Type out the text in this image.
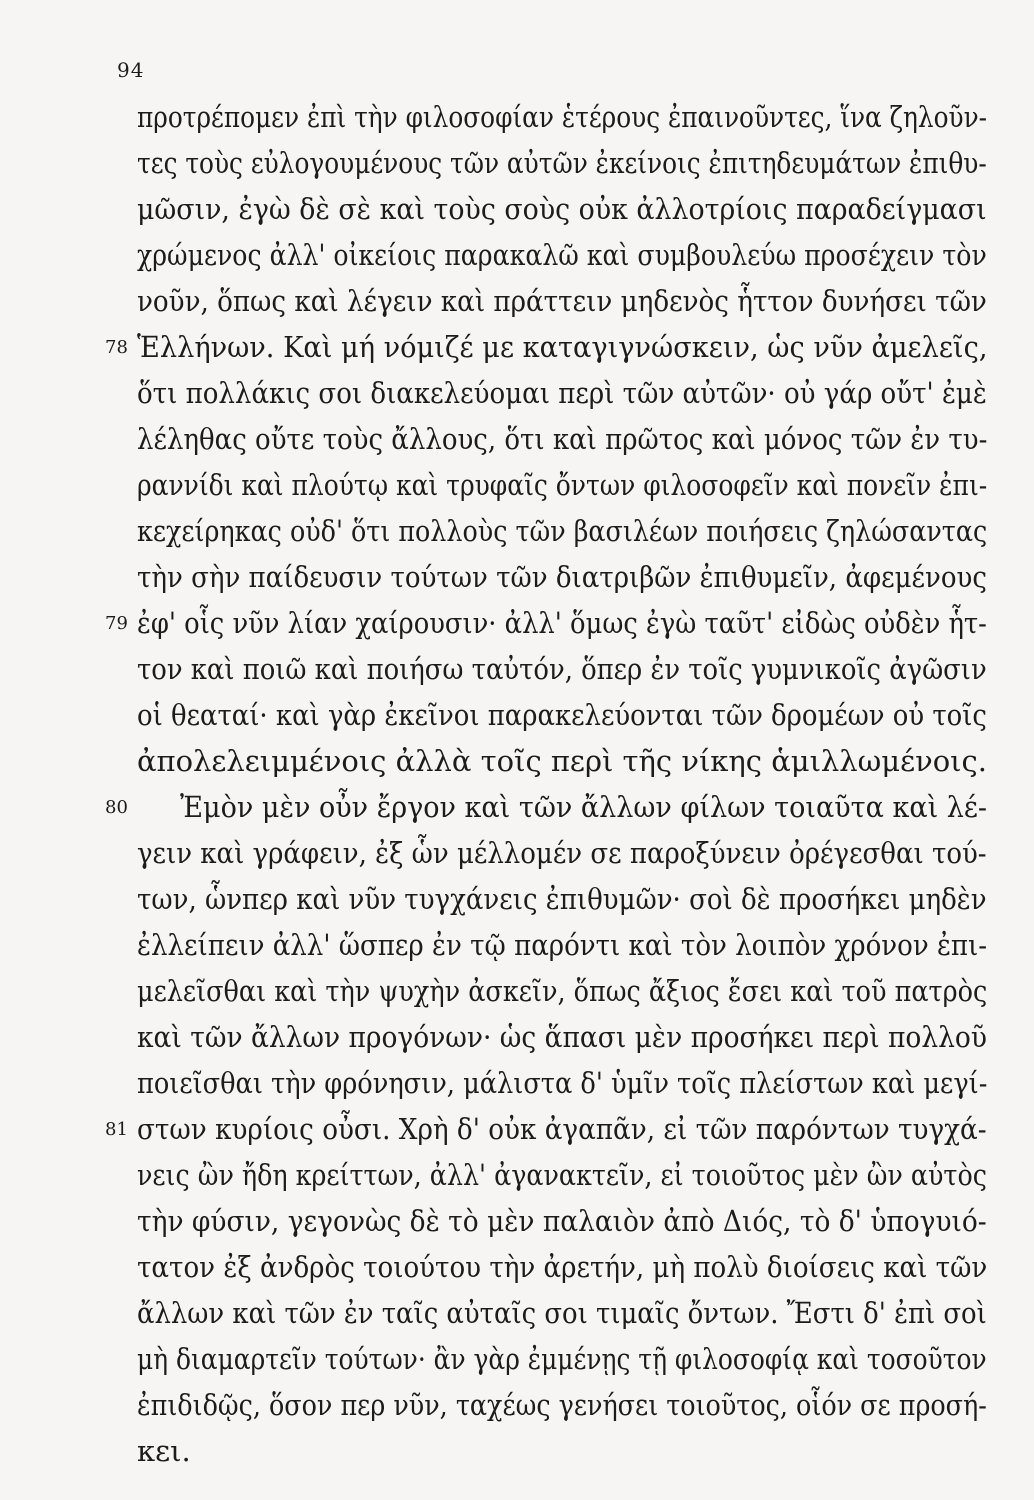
94
προτρέπομεν ἐπὶ τὴν φιλοσοφίαν ἑτέρους ἐπαινοῦντες, ἵνα ζηλοῦν-
τες τοὺς εὐλογουμένους τῶν αὐτῶν ἐκείνοις ἐπιτηδευμάτων ἐπιθυ-
μῶσιν, ἐγὼ δὲ σὲ καὶ τοὺς σοὺς οὐκ ἀλλοτρίοις παραδείγμασι
χρώμενος ἀλλ' οἰκείοις παρακαλῶ καὶ συμβουλεύω προσέχειν τὸν
νοῦν, ὅπως καὶ λέγειν καὶ πράττειν μηδενὸς ἧττον δυνήσει τῶν
78 Ἑλλήνων. Καὶ μή νόμιζέ με καταγιγνώσκειν, ὡς νῦν ἀμελεῖς,
ὅτι πολλάκις σοι διακελεύομαι περὶ τῶν αὐτῶν· οὐ γάρ οὔτ' ἐμὲ
λέληθας οὔτε τοὺς ἄλλους, ὅτι καὶ πρῶτος καὶ μόνος τῶν ἐν τυ-
ραννίδι καὶ πλούτῳ καὶ τρυφαῖς ὄντων φιλοσοφεῖν καὶ πονεῖν ἐπι-
κεχείρηκας οὐδ' ὅτι πολλοὺς τῶν βασιλέων ποιήσεις ζηλώσαντας
τὴν σὴν παίδευσιν τούτων τῶν διατριβῶν ἐπιθυμεῖν, ἀφεμένους
79 ἐφ' οἷς νῦν λίαν χαίρουσιν· ἀλλ' ὅμως ἐγὼ ταῦτ' εἰδὼς οὐδὲν ἧτ-
τον καὶ ποιῶ καὶ ποιήσω ταὐτόν, ὅπερ ἐν τοῖς γυμνικοῖς ἀγῶσιν
οἱ θεαταί· καὶ γὰρ ἐκεῖνοι παρακελεύονται τῶν δρομέων οὐ τοῖς
ἀπολελειμμένοις ἀλλὰ τοῖς περὶ τῆς νίκης ἁμιλλωμένοις.
80 Ἐμὸν μὲν οὖν ἔργον καὶ τῶν ἄλλων φίλων τοιαῦτα καὶ λέ-
γειν καὶ γράφειν, ἐξ ὧν μέλλομέν σε παροξύνειν ὀρέγεσθαι τού-
των, ὧνπερ καὶ νῦν τυγχάνεις ἐπιθυμῶν· σοὶ δὲ προσήκει μηδὲν
ἐλλείπειν ἀλλ' ὥσπερ ἐν τῷ παρόντι καὶ τὸν λοιπὸν χρόνον ἐπι-
μελεῖσθαι καὶ τὴν ψυχὴν ἀσκεῖν, ὅπως ἄξιος ἔσει καὶ τοῦ πατρὸς
καὶ τῶν ἄλλων προγόνων· ὡς ἅπασι μὲν προσήκει περὶ πολλοῦ
ποιεῖσθαι τὴν φρόνησιν, μάλιστα δ' ὑμῖν τοῖς πλείστων καὶ μεγί-
81 στων κυρίοις οὖσι. Χρὴ δ' οὐκ ἀγαπᾶν, εἰ τῶν παρόντων τυγχά-
νεις ὢν ἤδη κρείττων, ἀλλ' ἀγανακτεῖν, εἰ τοιοῦτος μὲν ὢν αὐτὸς
τὴν φύσιν, γεγονὼς δὲ τὸ μὲν παλαιὸν ἀπὸ Διός, τὸ δ' ὑπογυιό-
τατον ἐξ ἀνδρὸς τοιούτου τὴν ἀρετήν, μὴ πολὺ διοίσεις καὶ τῶν
ἄλλων καὶ τῶν ἐν ταῖς αὐταῖς σοι τιμαῖς ὄντων. Ἔστι δ' ἐπὶ σοὶ
μὴ διαμαρτεῖν τούτων· ἂν γὰρ ἐμμένῃς τῇ φιλοσοφίᾳ καὶ τοσοῦτον
ἐπιδιδῷς, ὅσον περ νῦν, ταχέως γενήσει τοιοῦτος, οἷόν σε προσή-
κει.
